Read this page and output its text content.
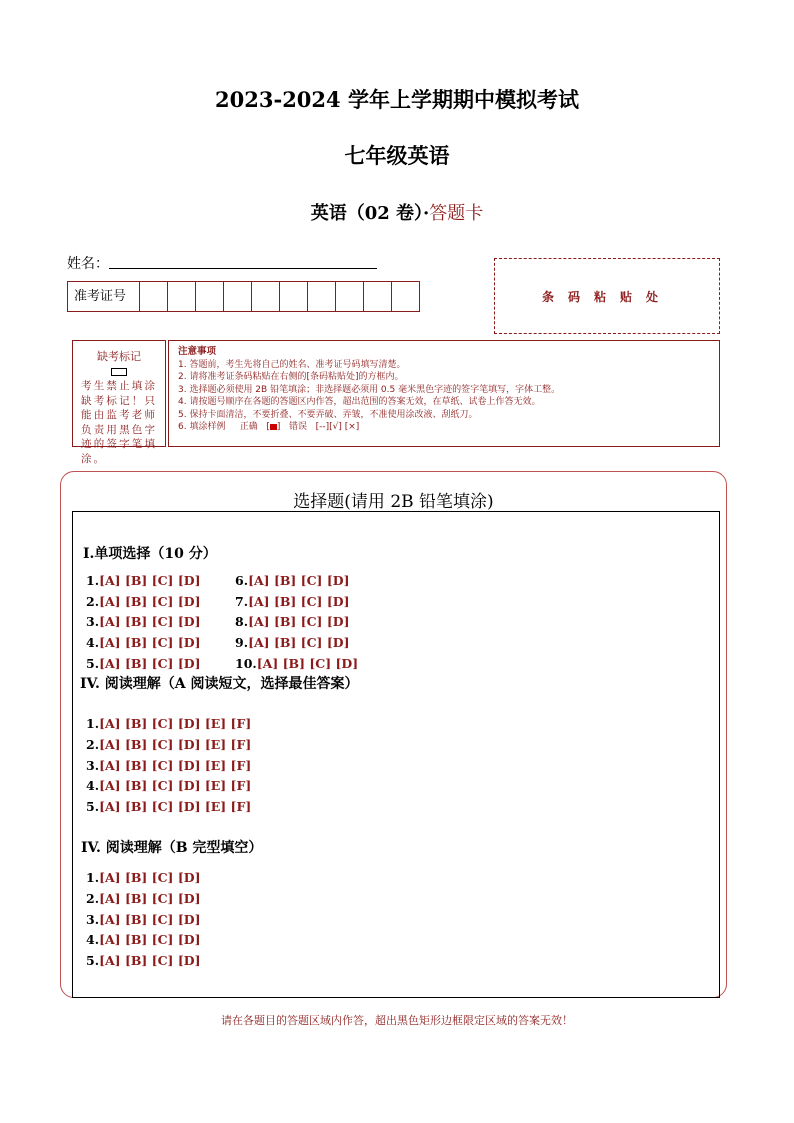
2023-2024 学年上学期期中模拟考试
七年级英语
英语（02 卷）·答题卡
姓名：
准考证号	条码粘贴处
缺考标记
考生禁止填涂缺考标记！只能由监考老师负责用黑色字迹的签字笔填涂。
注意事项
1. 答题前，考生先将自己的姓名、准考证号码填写清楚。
2. 请将准考证条码粘贴在右侧的[条码粘贴处]的方框内。
3. 选择题必须使用 2B 铅笔填涂；非选择题必须用 0.5 毫米黑色字迹的签字笔填写，字体工整。
4. 请按题号顺序在各题的答题区内作答，超出范围的答案无效，在草纸、试卷上作答无效。
5. 保持卡面清洁，不要折叠、不要弄破、弄皱，不准使用涂改液、刮纸刀。
6. 填涂样例 正确   [ ]   错误 [--][√] [×]
选择题(请用 2B 铅笔填涂)
I.单项选择（10 分）
1.[A] [B] [C] [D]
2.[A] [B] [C] [D]
3.[A] [B] [C] [D]
4.[A] [B] [C] [D]
5.[A] [B] [C] [D]
6.[A] [B] [C] [D]
7.[A] [B] [C] [D]
8.[A] [B] [C] [D]
9.[A] [B] [C] [D]
10.[A] [B] [C] [D]
IV. 阅读理解（A 阅读短文，选择最佳答案）
1.[A] [B] [C] [D] [E] [F]
2.[A] [B] [C] [D] [E] [F]
3.[A] [B] [C] [D] [E] [F]
4.[A] [B] [C] [D] [E] [F]
5.[A] [B] [C] [D] [E] [F]
IV. 阅读理解（B 完型填空）
1.[A] [B] [C] [D]
2.[A] [B] [C] [D]
3.[A] [B] [C] [D]
4.[A] [B] [C] [D]
5.[A] [B] [C] [D]
请在各题目的答题区域内作答，超出黑色矩形边框限定区域的答案无效！
